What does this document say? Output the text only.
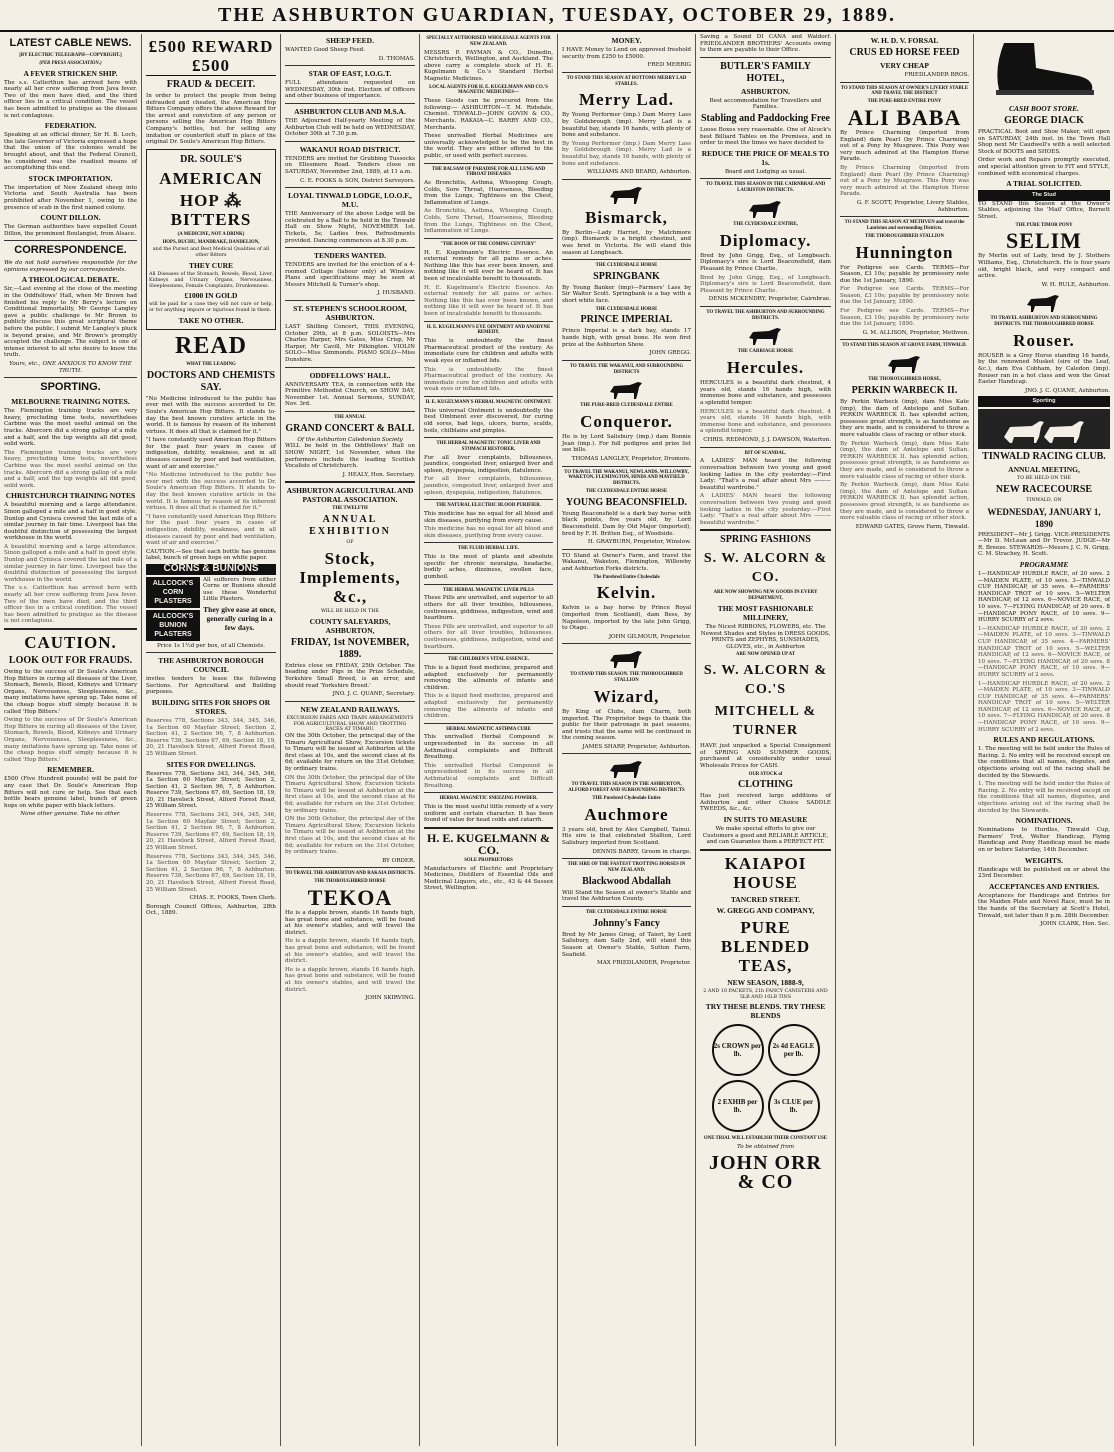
THE ASHBURTON GUARDIAN, TUESDAY, OCTOBER 29, 1889.
LATEST CABLE NEWS.
[BY ELECTRIC TELEGRAPH—COPYRIGHT.]
(PER PRESS ASSOCIATION.)
A FEVER STRICKEN SHIP.

The s.s. Catterthun has arrived here with nearly all her crew suffering from Java fever. Two of the men have died, and the third officer lies in a critical condition. The vessel has been admitted to pratique as the disease is not contagious.

FEDERATION.

Speaking at an official dinner, Sir H. B. Loch, the late Governor of Victoria expressed a hope that the union of the colonies would be brought about, and that the Federal Council, he considered was the readiest means of accomplishing this end.

STOCK IMPORTATION.

The importation of New Zealand sheep into Victoria and South Australia has been prohibited after November 1, owing to the presence of scab in the first named colony.

COUNT DILLON.

The German authorities have expelled Count Dillon, the prominent Boulangist, from Alsace.

CORRESPONDENCE.

We do not hold ourselves responsible for the opinions expressed by our correspondents.

A THEOLOGICAL DEBATE.

Sir,—Last evening at the close of the meeting in the Oddfellows' Hall, when Mr Brown had finished his reply to Mr Berry's lecture on Conditional Immortality, Mr George Langley gave a public challenge to Mr Brown to publicly discuss this great scriptural theme before the public. I submit Mr Langley's pluck is beyond praise, and Mr Brown's promptly accepted the challenge. The subject is one of intense interest to all who desire to know the truth.

Yours, etc., ONE ANXIOUS TO KNOW THE TRUTH.

SPORTING.
MELBOURNE TRAINING NOTES.

The Flemington training tracks are very heavy, precluding time tests, nevertheless Carbine was the most useful animal on the tracks. Abercorn did a strong gallop of a mile and a half, and the top weights all did good, solid work.

The Flemington training tracks are very heavy, precluding time tests, nevertheless Carbine was the most useful animal on the tracks. Abercorn did a strong gallop of a mile and a half, and the top weights all did good, solid work.

CHRISTCHURCH TRAINING NOTES

A beautiful morning and a large attendance. Sinon galloped a mile and a half in good style. Dunlop and Cynisca covered the last mile of a similar journey in fair time. Liverpool has the doubtful distinction of possessing the largest workhouse in the world.

A beautiful morning and a large attendance. Sinon galloped a mile and a half in good style. Dunlop and Cynisca covered the last mile of a similar journey in fair time. Liverpool has the doubtful distinction of possessing the largest workhouse in the world.

The s.s. Catterthun has arrived here with nearly all her crew suffering from Java fever. Two of the men have died, and the third officer lies in a critical condition. The vessel has been admitted to pratique as the disease is not contagious.

CAUTION.
LOOK OUT FOR FRAUDS.

Owing to the success of Dr Soule's American Hop Bitters in curing all diseases of the Liver, Stomach, Bowels, Blood, Kidneys and Urinary Organs, Nervousness, Sleeplessness, &c., many imitations have sprung up. Take none of the cheap bogus stuff simply because it is called 'Hop Bitters.'

Owing to the success of Dr Soule's American Hop Bitters in curing all diseases of the Liver, Stomach, Bowels, Blood, Kidneys and Urinary Organs, Nervousness, Sleeplessness, &c., many imitations have sprung up. Take none of the cheap bogus stuff simply because it is called 'Hop Bitters.'

REMEMBER.

£500 (Five Hundred pounds) will be paid for any case that Dr. Soule's American Hop Bitters will not cure or help. See that each bottle bears genuine label, bunch of green hops on white paper with black letters.

None other genuine. Take no other.

£500 REWARD £500
FRAUD & DECEIT.

In order to protect the people from being defrauded and cheated, the American Hop Bitters Company offers the above Reward for the arrest and conviction of any person or persons selling the American Hop Bitters Company's bottles, but for selling any imitation or counterfeit stuff in place of the original Dr. Soule's American Hop Bitters.

DR. SOULE'S
AMERICAN
HOP ⁂ BITTERS
(A MEDICINE, NOT A DRINK)
HOPS, BUCHU, MANDRAKE, DANDELION,
and the Purest and Best Medical Qualities of all other Bitters
THEY CURE

All Diseases of the Stomach, Bowels, Blood, Liver, Kidneys and Urinary Organs, Nervousness, Sleeplessness, Female Complaints, Drunkenness.

£1000 IN GOLD

will be paid for a case they will not cure or help, or for anything impure or injurious found in them.

TAKE NO OTHER.
READ
WHAT THE LEADING
DOCTORS AND CHEMISTS SAY.

"No Medicine introduced to the public has ever met with the success accorded to Dr. Soule's American Hop Bitters. It stands to-day the best known curative article in the world. It is famous by reason of its inherent virtues. It does all that is claimed for it."

"I have constantly used American Hop Bitters for the past four years in cases of indigestion, debility, weakness, and in all diseases caused by poor and bad ventilation, want of air and exercise."

"No Medicine introduced to the public has ever met with the success accorded to Dr. Soule's American Hop Bitters. It stands to-day the best known curative article in the world. It is famous by reason of its inherent virtues. It does all that is claimed for it."

"I have constantly used American Hop Bitters for the past four years in cases of indigestion, debility, weakness, and in all diseases caused by poor and bad ventilation, want of air and exercise."

CAUTION.—See that each bottle has genuine label, bunch of green hops on white paper.

CORNS & BUNIONS
ALLCOCK'S CORN PLASTERS
ALLCOCK'S BUNION PLASTERS

All sufferers from either Corns or Bunions should use these Wonderful Little Plasters.

They give ease at once, generally curing in a few days.

Price 1s 1½d per box, of all Chemists.

THE ASHBURTON BOROUGH COUNCIL

invites tenders to lease the following Sections. For Agricultural and Building purposes.

BUILDING SITES FOR SHOPS OR STORES.

Reserves 778, Sections 343, 344, 345, 346, 1a Section 60 Mayfair Street; Section 2, Section 41, 2 Section 96, 7, 8 Ashburton. Reserve 739, Sections 67, 69, Section 18, 19, 20, 21 Havelock Street, Alford Forest Road, 25 William Street.

SITES FOR DWELLINGS.

Reserves 778, Sections 343, 344, 345, 346, 1a Section 60 Mayfair Street; Section 2, Section 41, 2 Section 96, 7, 8 Ashburton. Reserve 739, Sections 67, 69, Section 18, 19, 20, 21 Havelock Street, Alford Forest Road, 25 William Street.

Reserves 778, Sections 343, 344, 345, 346, 1a Section 60 Mayfair Street; Section 2, Section 41, 2 Section 96, 7, 8 Ashburton. Reserve 739, Sections 67, 69, Section 18, 19, 20, 21 Havelock Street, Alford Forest Road, 25 William Street.

Reserves 778, Sections 343, 344, 345, 346, 1a Section 60 Mayfair Street; Section 2, Section 41, 2 Section 96, 7, 8 Ashburton. Reserve 739, Sections 67, 69, Section 18, 19, 20, 21 Havelock Street, Alford Forest Road, 25 William Street.

CHAS. E. FOOKS, Town Clerk.

Borough Council Offices, Ashburton, 28th Oct., 1889.

SHEEP FEED.

WANTED Good Sheep Feed.

D. THOMAS.

STAR OF EAST, I.O.G.T.

FULL attendance requested on WEDNESDAY, 30th inst. Election of Officers and other business of importance.

ASHBURTON CLUB AND M.S.A.

THE Adjourned Half-yearly Meeting of the Ashburton Club will be held on WEDNESDAY, October 30th at 7.30 p.m.

WAKANUI ROAD DISTRICT.

TENDERS are invited for Grubbing Tussocks on Ellesmere Road. Tenders close on SATURDAY, November 2nd, 1889, at 11 a.m.

C. E. FOOKS & SON, District Surveyors.

LOYAL TINWALD LODGE, I.O.O.F., M.U.

THE Anniversary of the above Lodge will be celebrated by a Ball to be held in the Tinwald Hall on Show Night, NOVEMBER 1st. Tickets, 5s; Ladies free. Refreshments provided. Dancing commences at 8.30 p.m.

TENDERS WANTED.

TENDERS are invited for the erection of a 4-roomed Cottage (labour only) at Winslow. Plans and specifications may be seen at Messrs Mitchell & Turner's shop.

J. HUSBAND.

ST. STEPHEN'S SCHOOLROOM, ASHBURTON.

LAST Shilling Concert, THIS EVENING, October 29th, at 8 p.m. SOLOISTS—Mrs Charles Harper, Mrs Gates, Miss Crisp, Mr Harper, Mr Cavill, Mr Pilkington. VIOLIN SOLO—Miss Simmonds. PIANO SOLO—Miss Dunshire.

ODDFELLOWS' HALL.

ANNIVERSARY TEA, in connection with the Primitive Methodist Church, on SHOW DAY, November 1st. Annual Sermons, SUNDAY, Nov. 3rd.

THE ANNUAL
GRAND CONCERT & BALL
Of the Ashburton Caledonian Society

WILL be held in the Oddfellows' Hall on SHOW NIGHT, 1st November, when the performers include the leading Scottish Vocalists of Christchurch.

J. HEALY, Hon. Secretary.

ASHBURTON AGRICULTURAL AND PASTORAL ASSOCIATION.
THE TWELFTH
ANNUAL EXHIBITION
OF
Stock, Implements, &c.,
WILL BE HELD IN THE
COUNTY SALEYARDS, ASHBURTON,
FRIDAY, 1st NOVEMBER, 1889.

Entries close on FRIDAY, 25th October. The heading under Pigs in the Prize Schedule, Yorkshire Small Breed, is an error, and should read 'Yorkshire Breed.'

JNO. J. C. QUANE, Secretary.

NEW ZEALAND RAILWAYS.
EXCURSION FARES AND TRAIN ARRANGEMENTS FOR AGRICULTURAL SHOW AND TROTTING RACES AT TIMARU.

ON the 30th October, the principal day of the Timaru Agricultural Show, Excursion tickets to Timaru will be issued at Ashburton at the first class at 10s, and the second class at 6s 6d; available for return on the 31st October, by ordinary trains.

ON the 30th October, the principal day of the Timaru Agricultural Show, Excursion tickets to Timaru will be issued at Ashburton at the first class at 10s, and the second class at 6s 6d; available for return on the 31st October, by ordinary trains.

ON the 30th October, the principal day of the Timaru Agricultural Show, Excursion tickets to Timaru will be issued at Ashburton at the first class at 10s, and the second class at 6s 6d; available for return on the 31st October, by ordinary trains.

BY ORDER.

TO TRAVEL THE ASHBURTON AND RAKAIA DISTRICTS.
THE THOROUGHBRED HORSE
TEKOA

He is a dapple brown, stands 16 hands high, has great bone and substance, will be found at his owner's stables, and will travel the district.

He is a dapple brown, stands 16 hands high, has great bone and substance, will be found at his owner's stables, and will travel the district.

He is a dapple brown, stands 16 hands high, has great bone and substance, will be found at his owner's stables, and will travel the district.

JOHN SKIRVING.

SPECIALLY AUTHORISED WHOLESALE AGENTS FOR NEW ZEALAND.

MESSRS P. FAYMAN & CO., Dunedin, Christchurch, Wellington, and Auckland. The above carry a complete stock of H. E. Kugelmann & Co.'s Standard Herbal Magnetic Medicines.

LOCAL AGENTS FOR H. E. KUGELMANN AND CO.'S MAGNETIC MEDICINES—

These Goods can be procured from the following:— ASHBURTON—T. M. Ridsdale, Chemist. TINWALD—JOHN GOVIN & CO., Merchants. RAKAIA—C. BARRY AND CO., Merchants.

These unrivalled Herbal Medicines are universally acknowledged to be the best in the world. They are either offered to the public, or used with perfect success.

THE BALSAM OF PARADISE FOR ALL LUNG AND THROAT DISEASES

As Bronchitis, Asthma, Whooping Cough, Colds, Sore Throat, Hoarseness, Bleeding from the Lungs, Tightness on the Chest, Inflammation of Lungs.

As Bronchitis, Asthma, Whooping Cough, Colds, Sore Throat, Hoarseness, Bleeding from the Lungs, Tightness on the Chest, Inflammation of Lungs.

"THE BOON OF THE COMING CENTURY"

H. E. Kugelmann's Electric Essence. An external remedy for all pains or aches. Nothing like this has ever been known, and nothing like it will ever be heard of. It has been of incalculable benefit to thousands.

H. E. Kugelmann's Electric Essence. An external remedy for all pains or aches. Nothing like this has ever been known, and nothing like it will ever be heard of. It has been of incalculable benefit to thousands.

H. E. KUGELMANN'S EYE OINTMENT AND ANODYNE REMEDY.

This is undoubtedly the finest Pharmaceutical product of the century. As immediate cure for children and adults with weak eyes or inflamed lids.

This is undoubtedly the finest Pharmaceutical product of the century. As immediate cure for children and adults with weak eyes or inflamed lids.

H. E. KUGELMANN'S HERBAL MAGNETIC OINTMENT.

This universal Ointment is undoubtedly the best Ointment ever discovered, for curing old sores, bad legs, ulcers, burns, scalds, boils, chilblains and pimples.

THE HERBAL MAGNETIC TONIC LIVER AND STOMACH RESTORER.

For all liver complaints, biliousness, jaundice, congested liver, enlarged liver and spleen, dyspepsia, indigestion, flatulence.

For all liver complaints, biliousness, jaundice, congested liver, enlarged liver and spleen, dyspepsia, indigestion, flatulence.

THE NATURAL ELECTRIC BLOOD PURIFIER.

This medicine has no equal for all blood and skin diseases, purifying from every cause.

This medicine has no equal for all blood and skin diseases, purifying from every cause.

THE FLUID HERBAL LIFE.

This is the most of plants and absolute specific for chronic neuralgia, headache, bodily aches, dizziness, swollen face, gumboil.

THE HERBAL MAGNETIC LIVER PILLS

These Pills are unrivalled, and superior to all others for all liver troubles, biliousness, costiveness, giddiness, indigestion, wind and heartburn.

These Pills are unrivalled, and superior to all others for all liver troubles, biliousness, costiveness, giddiness, indigestion, wind and heartburn.

THE CHILDREN'S VITAL ESSENCE.

This is a liquid food medicine, prepared and adapted exclusively for permanently removing the ailments of infants and children.

This is a liquid food medicine, prepared and adapted exclusively for permanently removing the ailments of infants and children.

HERBAL MAGNETIC ASTHMA CURE

This unrivalled Herbal Compound is unprecedented in its success in all Asthmatical complaints and Difficult Breathing.

This unrivalled Herbal Compound is unprecedented in its success in all Asthmatical complaints and Difficult Breathing.

HERBAL MAGNETIC SNEEZING POWDER.

This is the most useful little remedy of a very uniform and certain character. It has been found of value for head colds and catarrh.

H. E. KUGELMANN & CO.
SOLE PROPRIETORS

Manufacturers of Electric and Proprietary Medicines, Distillers of Essential Oils and Medicinal Liquors, etc., etc., 43 & 44 Sussex Street, Wellington.

MONEY.

I HAVE Money to Lend on approved freehold security from £250 to £5000.

FRED MERRIG

TO STAND THIS SEASON AT BOTTOMS MERRY LAD STABLES.
Merry Lad.

By Young Performer (imp.) Dam Merry Lass by Goldsbrough (imp). Merry Lad is a beautiful bay, stands 16 hands, with plenty of bone and substance.

By Young Performer (imp.) Dam Merry Lass by Goldsbrough (imp). Merry Lad is a beautiful bay, stands 16 hands, with plenty of bone and substance.

WILLIAMS AND BEARD, Ashburton.

Bismarck,

By Berlin—Lady Harriet, by Matchmore (imp). Bismarck is a bright chestnut, and was bred in Victoria. He will stand this season at Longbeach.

THE CLYDESDALE HORSE
SPRINGBANK

By Young Banker (imp)—Farmers' Lass by Sir Walter Scott. Springbank is a bay with a short white face.

THE CLYDESDALE HORSE
PRINCE IMPERIAL

Prince Imperial is a dark bay, stands 17 hands high, with great bone. He won first prize at the Ashburton Show.

JOHN GREGG.

TO TRAVEL THE WAKANUI, AND SURROUNDING DISTRICTS
THE PURE-BRED CLYDESDALE ENTIRE
Conqueror.

He is by Lord Salisbury (imp.) dam Bonnie Jean (imp.). For full pedigree and prize list see bills.

THOMAS LANGLEY, Proprietor, Dromore.

TO TRAVEL THE WAKANUI, NEWLANDS, WILLOWBY, WAKETON, FLEMINGTON, HINDS AND MAYFIELD DISTRICTS.
THE CLYDESDALE ENTIRE HORSE
YOUNG BEACONSFIELD.

Young Beaconsfield is a dark bay horse with black points, five years old, by Lord Beaconsfield. Dam by Old Major (imported), bred by F. H. Britten Esq., of Woodside.

H. GRAYBURN, Proprietor, Winslow.

TO Stand at Owner's Farm, and travel the Wakanui, Waketon, Flemington, Willowby and Ashburton Forks districts.

The Purebred Entire Clydesdale
Kelvin.

Kelvin is a bay horse by Prince Royal (imported from Scotland), dam Bess, by Napoleon, imported by the late John Grigg, to Otago.

JOHN GILMOUR, Proprietor.

TO STAND THIS SEASON. THE THOROUGHBRED STALLION
Wizard,

By King of Clubs, dam Charm, both imported. The Proprietor begs to thank the public for their patronage in past seasons, and trusts that the same will be continued in the coming season.

JAMES SHARP, Proprietor, Ashburton.

TO TRAVEL THIS SEASON IN THE ASHBURTON, ALFORD FOREST AND SURROUNDING DISTRICTS
THE Purebred Clydesdale Entire
Auchmore

3 years old, bred by Alex Campbell, Tainui. His sire is that celebrated Stallion, Lord Salisbury imported from Scotland.

DENNIS BARRY, Groom in charge.

THE SIRE OF THE FASTEST TROTTING HORSES IN NEW ZEALAND.
Blackwood Abdallah

Will Stand the Season at owner's Stable and travel the Ashburton County.

THE CLYDESDALE ENTIRE HORSE
Johnny's Fancy

Bred by Mr James Grieg, of Taieri, by Lord Salisbury, dam Sally 2nd, will stand this Season at Owner's Stable, Sutton Farm, Seafield.

MAX FRIEDLANDER, Proprietor.

Saving a Sound DI CANA and Waldorf. FRIEDLANDER BROTHERS' Accounts owing to them are payable to their Office.

BUTLER'S FAMILY HOTEL,
ASHBURTON.

Best accommodation for Travellers and Families.

Stabling and Paddocking Free

Loose Boxes very reasonable. One of Alcock's best Billiard Tables on the Premises, and in order to meet the times we have decided to

REDUCE THE PRICE OF MEALS TO 1s.

Board and Lodging as usual.

TO TRAVEL THIS SEASON IN THE CAIRNBRAE AND LAURISTON DISTRICTS.
THE CLYDESDALE ENTIRE,
Diplomacy.

Bred by John Grigg, Esq., of Longbeach. Diplomacy's sire is Lord Beaconsfield, dam Pleasant by Prince Charlie.

Bred by John Grigg, Esq., of Longbeach. Diplomacy's sire is Lord Beaconsfield, dam Pleasant by Prince Charlie.

DENIS MCKENDRY, Proprietor, Cairnbrae.

TO TRAVEL THE ASHBURTON AND SURROUNDING DISTRICTS.
THE CARRIAGE HORSE
Hercules.

HERCULES is a beautiful dark chestnut, 4 years old, stands 16 hands high, with immense bone and substance, and possesses a splendid temper.

HERCULES is a beautiful dark chestnut, 4 years old, stands 16 hands high, with immense bone and substance, and possesses a splendid temper.

CHRIS. REDMOND, J. J. DAWSON, Waterton.

BIT OF SCANDAL.

A LADIES' MAN heard the following conversation between two young and good looking ladies in the city yesterday:—First Lady: "That's a real affair about Mrs ——— beautiful wardrobe."

A LADIES' MAN heard the following conversation between two young and good looking ladies in the city yesterday:—First Lady: "That's a real affair about Mrs ——— beautiful wardrobe."

SPRING FASHIONS
S. W. ALCORN & CO.
ARE NOW SHOWING NEW GOODS IN EVERY DEPARTMENT,
THE MOST FASHIONABLE MILLINERY,

The Nicest RIBBONS, FLOWERS, etc. The Newest Shades and Styles in DRESS GOODS, PRINTS and ZEPHYRS, SUNSHADES, GLOVES, etc., in Ashburton

ARE NOW OPENED UP AT
S. W. ALCORN & CO.'S
MITCHELL & TURNER

HAVE just unpacked a Special Consignment of SPRING AND SUMMER GOODS, purchased at considerably under usual Wholesale Prices for CASH.

OUR STOCK of
CLOTHING

Has just received large additions of Ashburton and other Choice SADDLE TWEEDS, &c., &c.

IN SUITS TO MEASURE

We make special efforts to give our Customers a good and RELIABLE ARTICLE, and can Guarantee them a PERFECT FIT.

KAIAPOI HOUSE
TANCRED STREET.
W. GREGG AND COMPANY,
PURE BLENDED TEAS,
NEW SEASON, 1888-9,
2 AND 10 PACKETS, 21b FANCY CANISTERS AND 5LB AND 10LB TINS
TRY THESE BLENDS. TRY THESE BLENDS
2s CROWN per lb.
2s 4d EAGLE per lb.
2 EXHIB per lb.
3s CLUE per lb.
ONE TRIAL WILL ESTABLISH THEIR CONSTANT USE
To be obtained from
JOHN ORR & CO
W. H. D. V. FORSAL
CRUS ED HORSE FEED
VERY CHEAP

FRIEDLANDER BROS.

TO STAND THIS SEASON AT OWNER'S LIVERY STABLE AND TRAVEL THE DISTRICT
THE PURE-BRED ENTIRE PONY
ALI BABA

By Prince Charming (imported from England) dam Pearl (by Prince Charming) out of a Pony by Musgrave. This Pony was very much admired at the Hampton Horse Parade.

By Prince Charming (imported from England) dam Pearl (by Prince Charming) out of a Pony by Musgrave. This Pony was very much admired at the Hampton Horse Parade.

G. F. SCOTT, Proprietor, Livery Stables, Ashburton.

TO STAND THIS SEASON AT METHVEN and travel the Lauriston and surrounding Districts.
THE THOROUGHBRED STALLION
Hunnington

For Pedigree see Cards. TERMS—For Season, £3 10s; payable by promissory note due the 1st January, 1890.

For Pedigree see Cards. TERMS—For Season, £3 10s; payable by promissory note due the 1st January, 1890.

For Pedigree see Cards. TERMS—For Season, £3 10s; payable by promissory note due the 1st January, 1890.

G. M. ALLISON, Proprietor, Methven.

TO STAND THIS SEASON AT GROVE FARM, TINWALD.
THE THOROUGHBRED HORSE,
PERKIN WARBECK II.

By Perkin Warbeck (imp), dam Miss Kate (imp), the dam of Antelope and Sultan. PERKIN WARBECK II. has splendid action, possesses great strength, is as handsome as they are made, and is considered to throw a more valuable class of racing or other stock.

By Perkin Warbeck (imp), dam Miss Kate (imp), the dam of Antelope and Sultan. PERKIN WARBECK II. has splendid action, possesses great strength, is as handsome as they are made, and is considered to throw a more valuable class of racing or other stock.

By Perkin Warbeck (imp), dam Miss Kate (imp), the dam of Antelope and Sultan. PERKIN WARBECK II. has splendid action, possesses great strength, is as handsome as they are made, and is considered to throw a more valuable class of racing or other stock.

EDWARD GATES, Grove Farm, Tinwald.

CASH BOOT STORE.
GEORGE DIACK

PRACTICAL Boot and Shoe Maker, will open on SATURDAY, 24th inst. in the Town Hall Shop next Mr Caudwell's with a well selected Stock of BOOTS and SHOES.

Order work and Repairs promptly executed, and special attention given to FIT and STYLE, combined with economical charges.

A TRIAL SOLICITED.
The Stud

TO STAND this Season at the Owner's Stables, adjoining the 'Mail' Office, Burnett Street.

THE PURE TIMOR PONY
SELIM

By Merlin out of Lady, bred by J. Stothers Williams, Esq., Christchurch. He is four years old, bright black, and very compact and active.

W. H. RULE, Ashburton.

TO TRAVEL ASHBURTON AND SURROUNDING DISTRICTS. THE THOROUGHBRED HORSE
Rouser.

ROUSER is a Grey Horse standing 16 hands, by the renowned Musket (sire of the Leaf, &c.), dam Eva Cobham, by Caledon (imp). Rouser ran in a hot class and won the Great Easter Handicap.

JNO. J. C. QUANE, Ashburton.

Sporting
TINWALD RACING CLUB.
ANNUAL MEETING,
TO BE HELD ON THE
NEW RACECOURSE
TINWALD, ON
WEDNESDAY, JANUARY 1, 1890

PRESIDENT—Mr J. Grigg. VICE-PRESIDENTS—Mr D. McLean and Dr Trevor. JUDGE—Mr R. Breeze. STEWARDS—Messrs J. C. N. Grigg, C. M. Strachey, H. Scott.

PROGRAMME

1—HANDICAP HURDLE RACE, of 20 sovs. 2—MAIDEN PLATE, of 10 sovs. 3—TINWALD CUP HANDICAP, of 35 sovs. 4—FARMERS' HANDICAP TROT of 10 sovs. 5—WELTER HANDICAP, of 12 sovs. 6—NOVICE RACE, of 10 sovs. 7—FLYING HANDICAP, of 20 sovs. 8—HANDICAP PONY RACE, of 10 sovs. 9—HURRY SCURRY of 2 sovs.

1—HANDICAP HURDLE RACE, of 20 sovs. 2—MAIDEN PLATE, of 10 sovs. 3—TINWALD CUP HANDICAP, of 35 sovs. 4—FARMERS' HANDICAP TROT of 10 sovs. 5—WELTER HANDICAP, of 12 sovs. 6—NOVICE RACE, of 10 sovs. 7—FLYING HANDICAP, of 20 sovs. 8—HANDICAP PONY RACE, of 10 sovs. 9—HURRY SCURRY of 2 sovs.

1—HANDICAP HURDLE RACE, of 20 sovs. 2—MAIDEN PLATE, of 10 sovs. 3—TINWALD CUP HANDICAP, of 35 sovs. 4—FARMERS' HANDICAP TROT of 10 sovs. 5—WELTER HANDICAP, of 12 sovs. 6—NOVICE RACE, of 10 sovs. 7—FLYING HANDICAP, of 20 sovs. 8—HANDICAP PONY RACE, of 10 sovs. 9—HURRY SCURRY of 2 sovs.

RULES AND REGULATIONS.

1. The meeting will be held under the Rules of Racing. 2. No entry will be received except on the conditions that all names, disputes, and objections arising out of the racing shall be decided by the Stewards.

1. The meeting will be held under the Rules of Racing. 2. No entry will be received except on the conditions that all names, disputes, and objections arising out of the racing shall be decided by the Stewards.

NOMINATIONS.

Nominations to Hurdles, Tinwald Cup, Farmers' Trot, Welter Handicap, Flying Handicap and Pony Handicap must be made on or before Saturday, 14th December.

WEIGHTS.

Handicaps will be published on or about the 23rd December.

ACCEPTANCES AND ENTRIES.

Acceptances for Handicaps and Entries for the Maiden Plate and Novel Race, must be in the hands of the Secretary at Scott's Hotel, Tinwald, not later than 9 p.m. 28th December.

JOHN CLARK, Hon. Sec.
